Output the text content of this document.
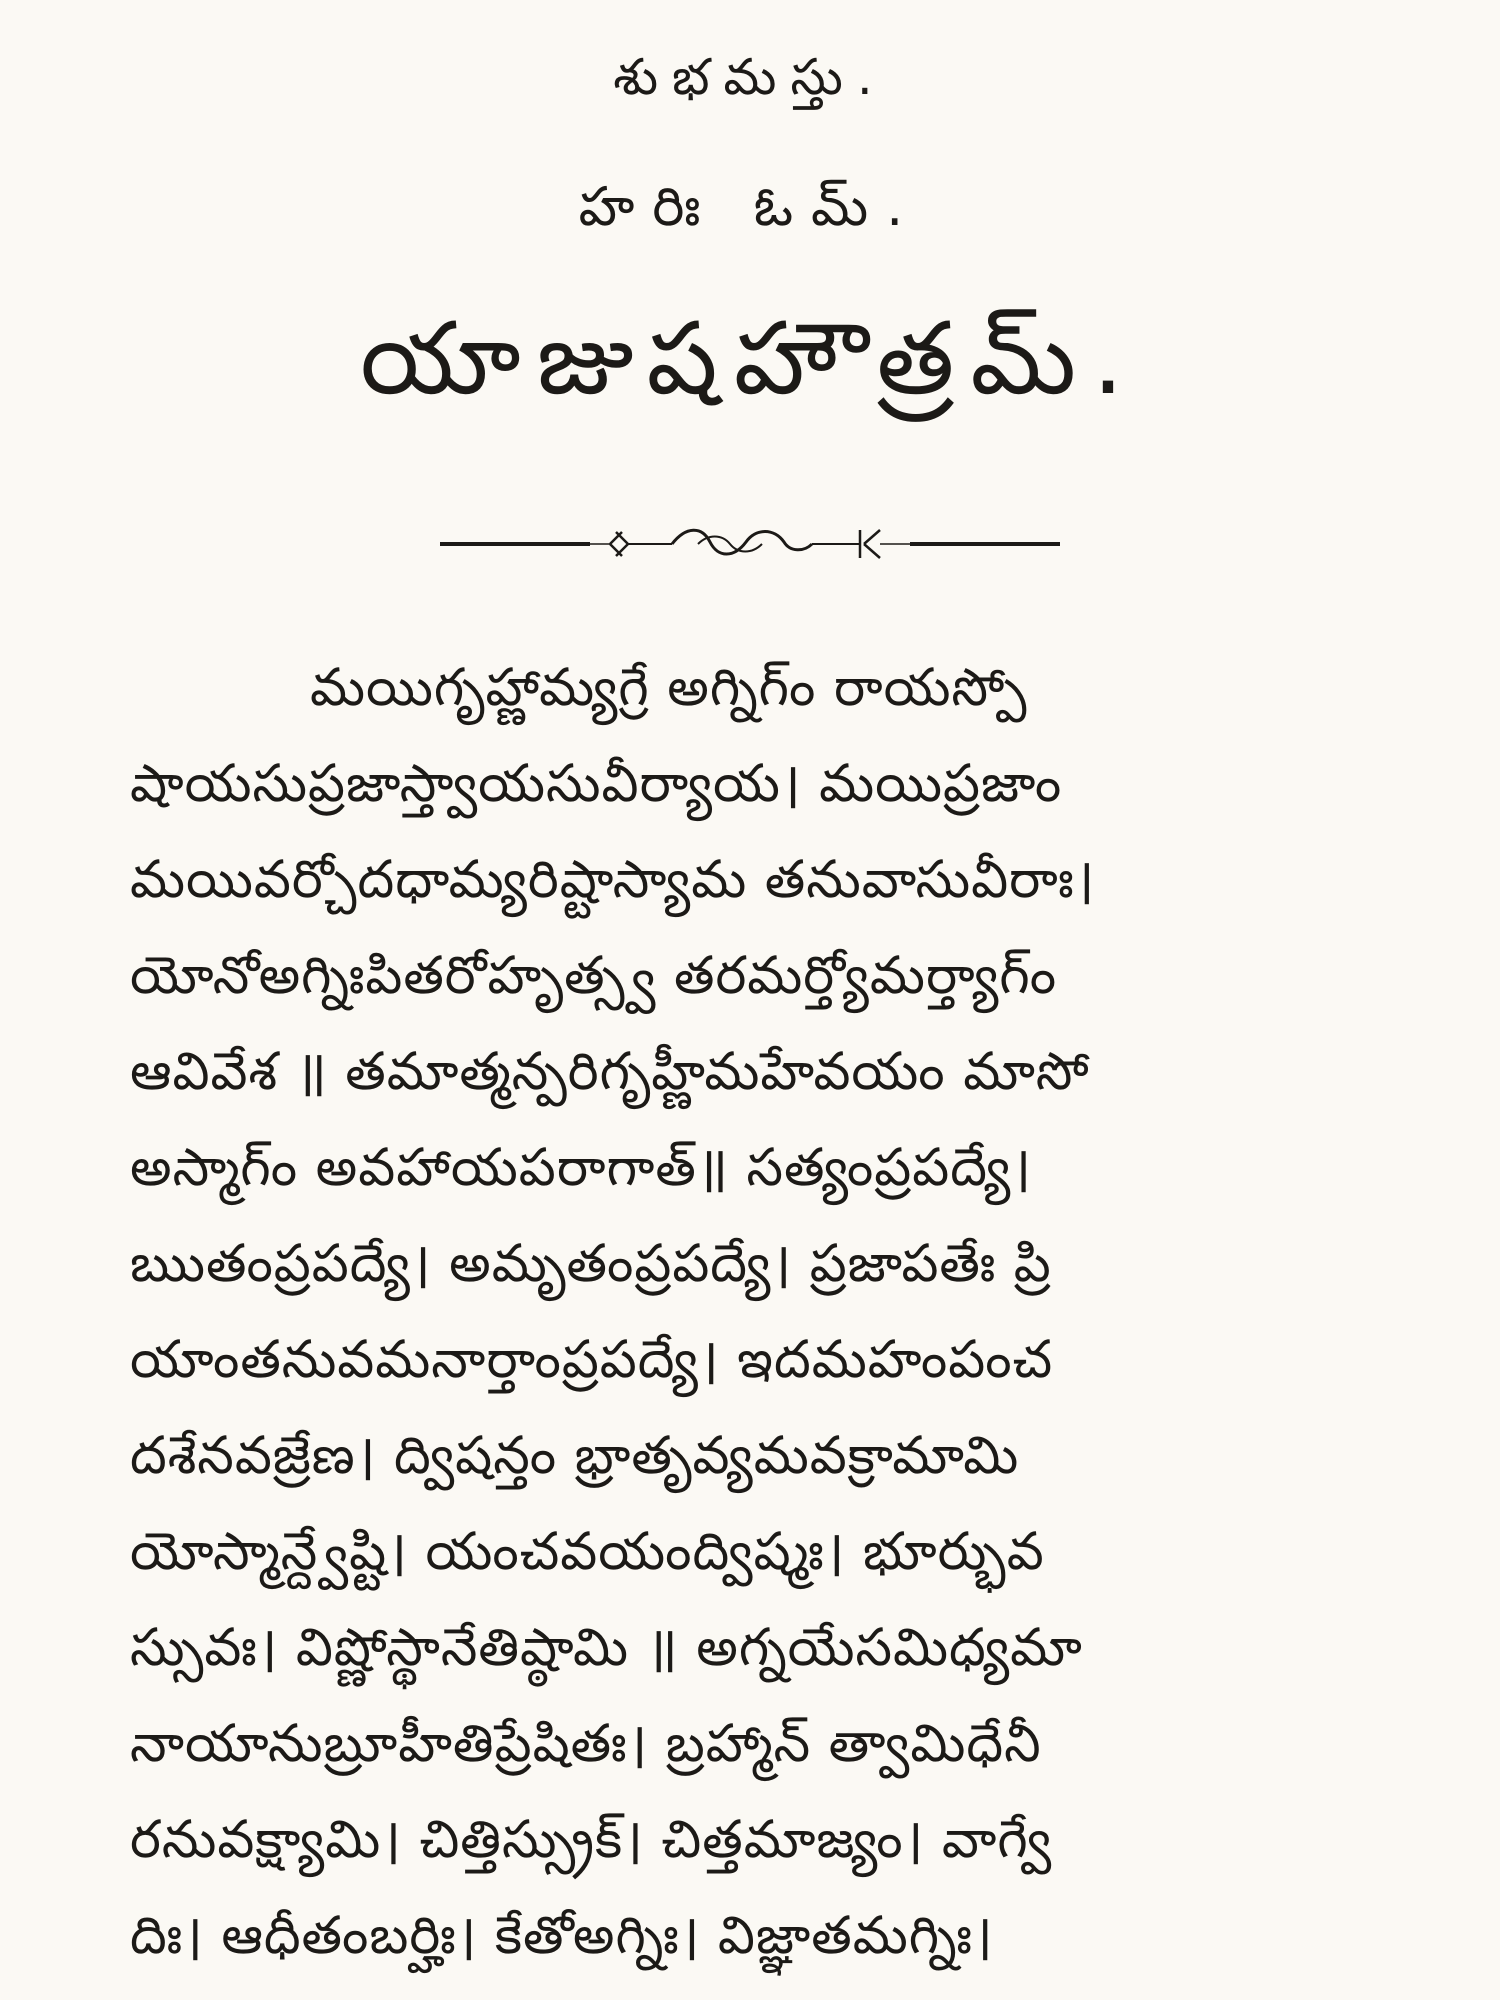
శుభమస్తు.
హరిః ఓమ్.
యాజుషహౌత్రమ్.
మయిగృహ్ణామ్యగ్రే అగ్నిగ్ం రాయస్పో
షాయసుప్రజాస్త్వాయసువీర్యాయ। మయిప్రజాం
మయివర్చోదధామ్యరిష్టాస్యామ తనువాసువీరాః।
యోనోఅగ్నిఃపితరోహృత్స్వ తరమర్త్యోమర్త్యాగ్ం
ఆవివేశ ॥ తమాత్మన్పరిగృహ్ణీమహేవయం మాసో
అస్మాగ్ం అవహాయపరాగాత్॥ సత్యంప్రపద్యే।
ఋతంప్రపద్యే। అమృతంప్రపద్యే। ప్రజాపతేః ప్రి
యాంతనువమనార్తాంప్రపద్యే। ఇదమహంపంచ
దశేనవజ్రేణ। ద్విషన్తం భ్రాతృవ్యమవక్రామామి
యోస్మాన్ద్వేష్టి। యంచవయంద్విష్మః। భూర్భువ
స్సువః। విష్ణోస్థానేతిష్ఠామి ॥ అగ్నయేసమిధ్యమా
నాయానుబ్రూహీతిప్రేషితః। బ్రహ్మాన్ త్వామిధేనీ
రనువక్ష్యామి। చిత్తిస్స్రుక్। చిత్తమాజ్యం। వాగ్వే
దిః। ఆధీతంబర్హిః। కేతోఅగ్నిః। విజ్ఞాతమగ్నిః।
